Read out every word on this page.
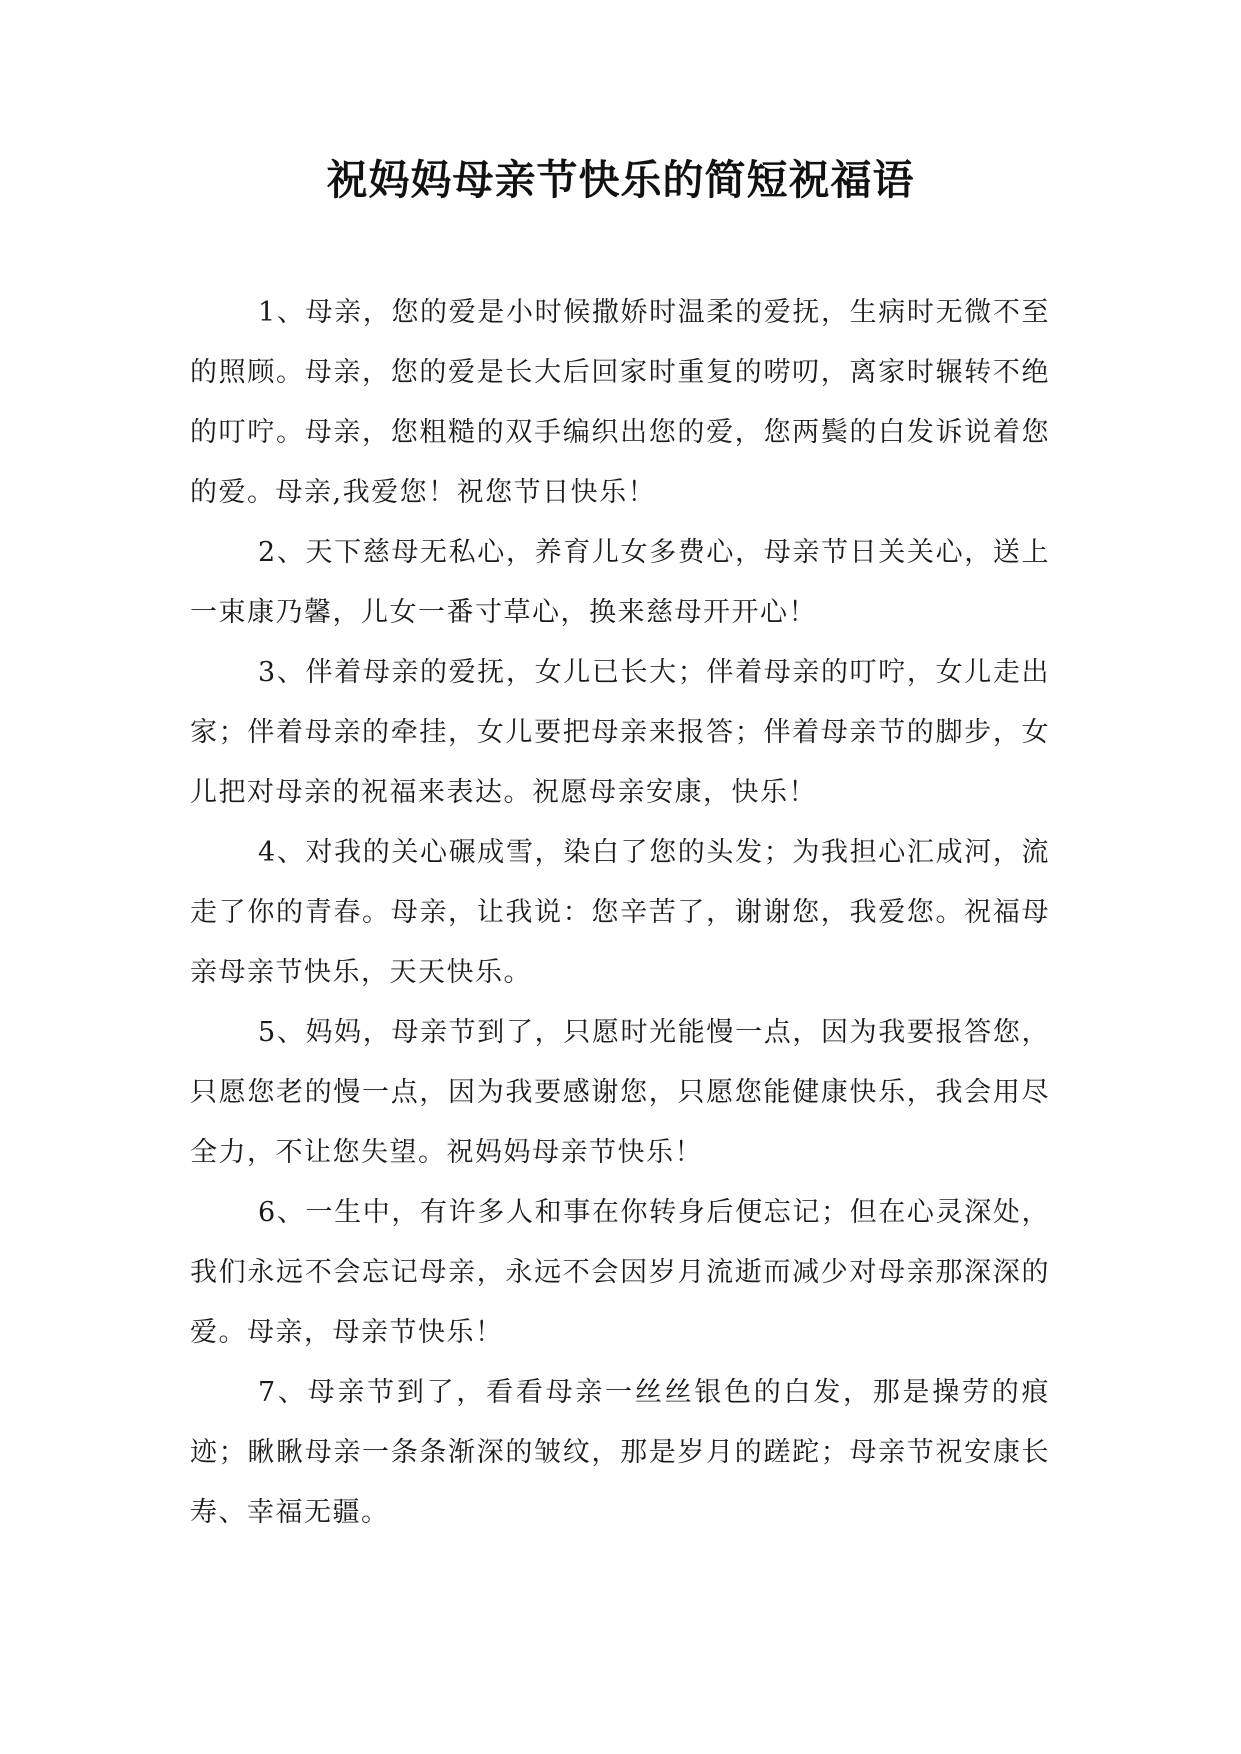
祝妈妈母亲节快乐的简短祝福语

1、母亲，您的爱是小时候撒娇时温柔的爱抚，生病时无微不至的照顾。母亲，您的爱是长大后回家时重复的唠叨，离家时辗转不绝的叮咛。母亲，您粗糙的双手编织出您的爱，您两鬓的白发诉说着您的爱。母亲,我爱您！祝您节日快乐！

2、天下慈母无私心，养育儿女多费心，母亲节日关关心，送上一束康乃馨，儿女一番寸草心，换来慈母开开心！

3、伴着母亲的爱抚，女儿已长大；伴着母亲的叮咛，女儿走出家；伴着母亲的牵挂，女儿要把母亲来报答；伴着母亲节的脚步，女儿把对母亲的祝福来表达。祝愿母亲安康，快乐！

4、对我的关心碾成雪，染白了您的头发；为我担心汇成河，流走了你的青春。母亲，让我说：您辛苦了，谢谢您，我爱您。祝福母亲母亲节快乐，天天快乐。

5、妈妈，母亲节到了，只愿时光能慢一点，因为我要报答您，只愿您老的慢一点，因为我要感谢您，只愿您能健康快乐，我会用尽全力，不让您失望。祝妈妈母亲节快乐！

6、一生中，有许多人和事在你转身后便忘记；但在心灵深处，我们永远不会忘记母亲，永远不会因岁月流逝而减少对母亲那深深的爱。母亲，母亲节快乐！

7、母亲节到了，看看母亲一丝丝银色的白发，那是操劳的痕迹；瞅瞅母亲一条条渐深的皱纹，那是岁月的蹉跎；母亲节祝安康长寿、幸福无疆。
